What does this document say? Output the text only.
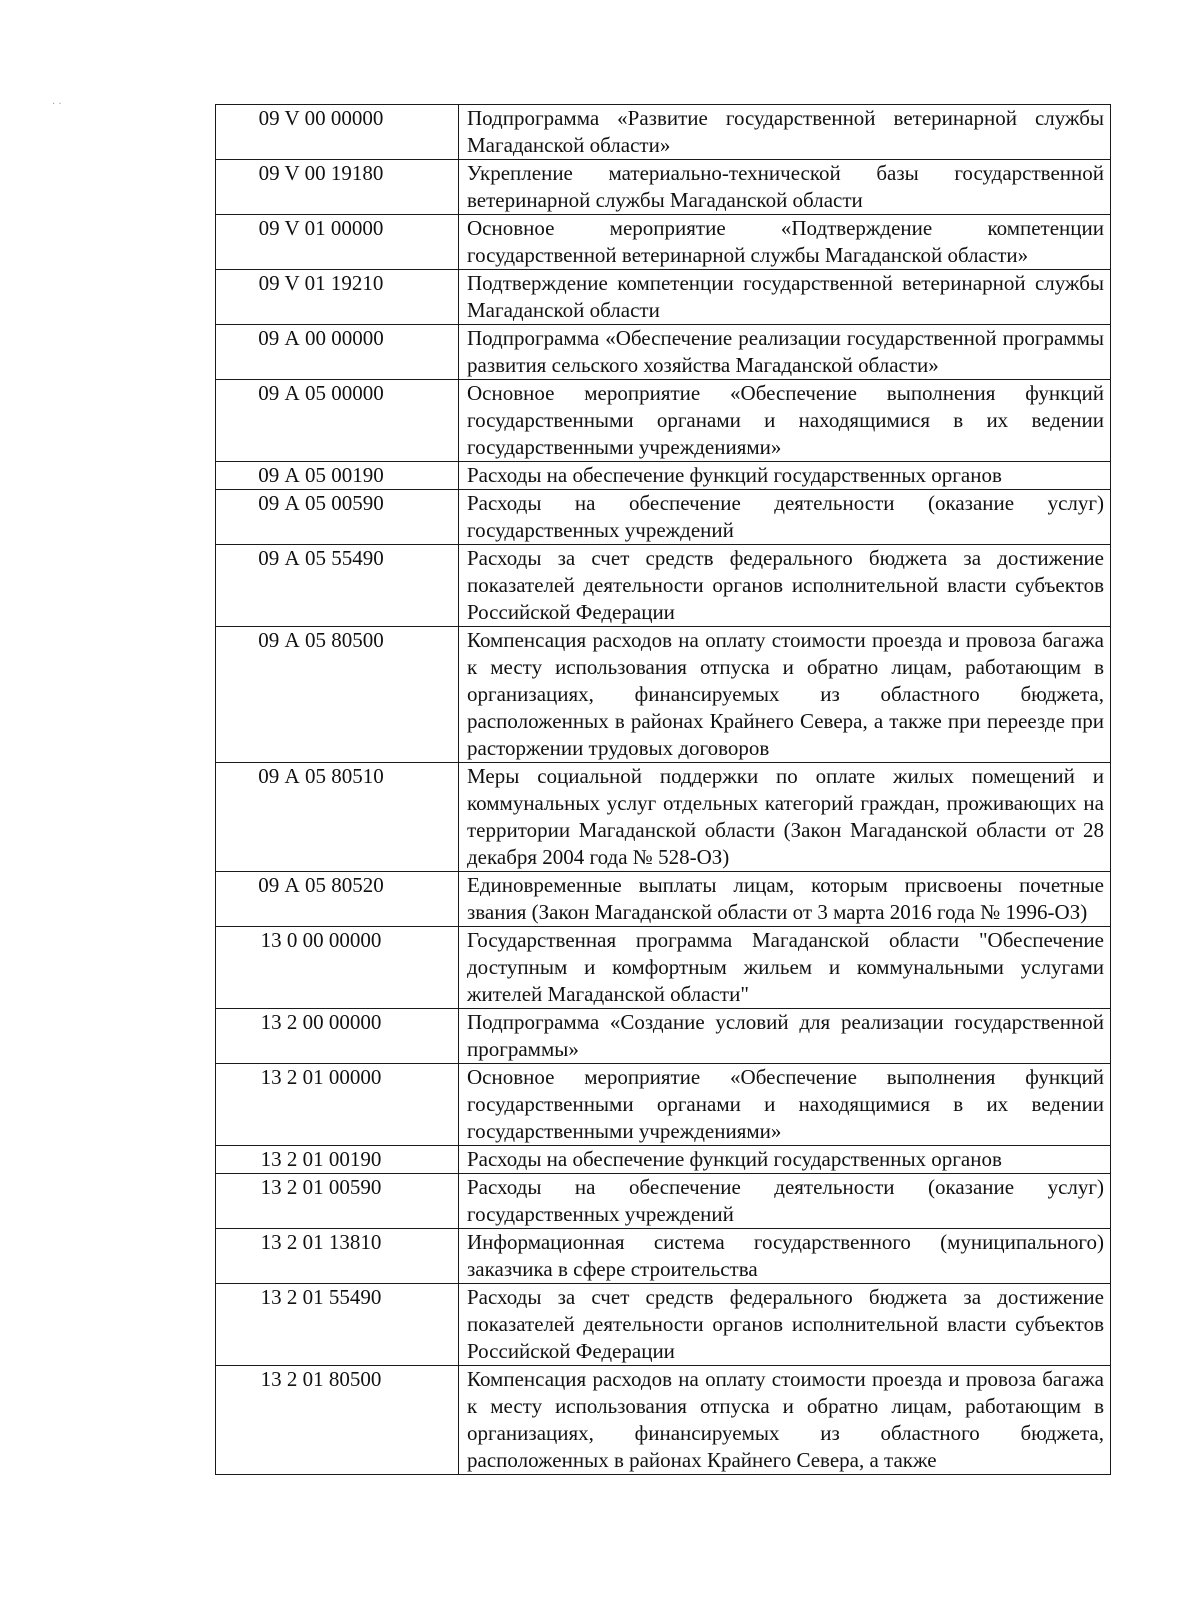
· ·
09 V 00 00000	Подпрограмма «Развитие государственной ветеринарной службы Магаданской области»
09 V 00 19180	Укрепление материально-технической базы государственной ветеринарной службы Магаданской области
09 V 01 00000	Основное мероприятие «Подтверждение компетенции государственной ветеринарной службы Магаданской области»
09 V 01 19210	Подтверждение компетенции государственной ветеринарной службы Магаданской области
09 А 00 00000	Подпрограмма «Обеспечение реализации государственной программы развития сельского хозяйства Магаданской области»
09 А 05 00000	Основное мероприятие «Обеспечение выполнения функций государственными органами и находящимися в их ведении государственными учреждениями»
09 А 05 00190	Расходы на обеспечение функций государственных органов
09 А 05 00590	Расходы на обеспечение деятельности (оказание услуг) государственных учреждений
09 А 05 55490	Расходы за счет средств федерального бюджета за достижение показателей деятельности органов исполнительной власти субъектов Российской Федерации
09 А 05 80500	Компенсация расходов на оплату стоимости проезда и провоза багажа к месту использования отпуска и обратно лицам, работающим в организациях, финансируемых из областного бюджета, расположенных в районах Крайнего Севера, а также при переезде при расторжении трудовых договоров
09 А 05 80510	Меры социальной поддержки по оплате жилых помещений и коммунальных услуг отдельных категорий граждан, проживающих на территории Магаданской области (Закон Магаданской области от 28 декабря 2004 года № 528-ОЗ)
09 А 05 80520	Единовременные выплаты лицам, которым присвоены почетные звания (Закон Магаданской области от 3 марта 2016 года № 1996-ОЗ)
13 0 00 00000	Государственная программа Магаданской области "Обеспечение доступным и комфортным жильем и коммунальными услугами жителей Магаданской области"
13 2 00 00000	Подпрограмма «Создание условий для реализации государственной программы»
13 2 01 00000	Основное мероприятие «Обеспечение выполнения функций государственными органами и находящимися в их ведении государственными учреждениями»
13 2 01 00190	Расходы на обеспечение функций государственных органов
13 2 01 00590	Расходы на обеспечение деятельности (оказание услуг) государственных учреждений
13 2 01 13810	Информационная система государственного (муниципального) заказчика в сфере строительства
13 2 01 55490	Расходы за счет средств федерального бюджета за достижение показателей деятельности органов исполнительной власти субъектов Российской Федерации
13 2 01 80500	Компенсация расходов на оплату стоимости проезда и провоза багажа к месту использования отпуска и обратно лицам, работающим в организациях, финансируемых из областного бюджета, расположенных в районах Крайнего Севера, а также
